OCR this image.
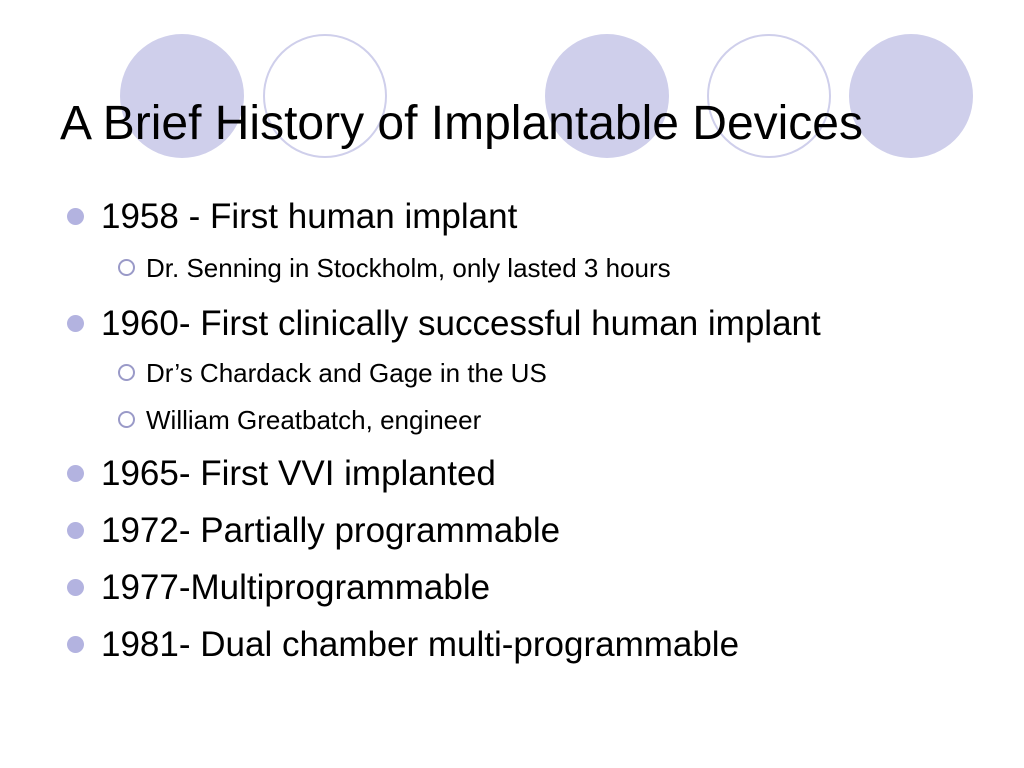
A Brief History of Implantable Devices
1958 - First human implant
Dr. Senning in Stockholm, only lasted 3 hours
1960- First clinically successful human implant
Dr’s Chardack and Gage in the US
William Greatbatch, engineer
1965- First VVI implanted
1972- Partially programmable
1977-Multiprogrammable
1981- Dual chamber multi-programmable
